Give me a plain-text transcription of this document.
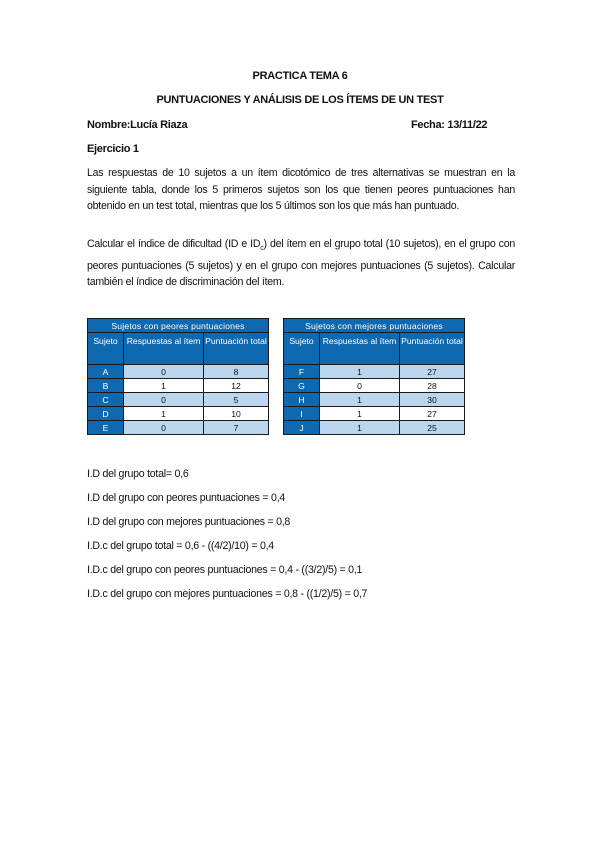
PRACTICA TEMA 6
PUNTUACIONES Y ANÁLISIS DE LOS ÍTEMS DE UN TEST
Nombre:Lucía Riaza	Fecha: 13/11/22
Ejercicio 1
Las respuestas de 10 sujetos a un ítem dicotómico de tres alternativas se muestran en la siguiente tabla, donde los 5 primeros sujetos son los que tienen peores puntuaciones han obtenido en un test total, mientras que los 5 últimos son los que más han puntuado.
Calcular el índice de dificultad (ID e $ID_c$) del ítem en el grupo total (10 sujetos), en el grupo con peores puntuaciones (5 sujetos) y en el grupo con mejores puntuaciones (5 sujetos). Calcular también el índice de discriminación del ítem.
Sujetos con peores puntuaciones		
Sujeto	Respuestas al ítem	Puntuación total
A	0	8
B	1	12
C	0	5
D	1	10
E	0	7
Sujetos con mejores puntuaciones		
Sujeto	Respuestas al ítem	Puntuación total
F	1	27
G	0	28
H	1	30
I	1	27
J	1	25
I.D del grupo total= 0,6
I.D del grupo con peores puntuaciones = 0,4
I.D del grupo con mejores puntuaciones = 0,8
I.D.c del grupo total = 0,6 - ((4/2)/10) = 0,4
I.D.c del grupo con peores puntuaciones = 0,4 - ((3/2)/5) = 0,1
I.D.c del grupo con mejores puntuaciones = 0,8 - ((1/2)/5) = 0,7
